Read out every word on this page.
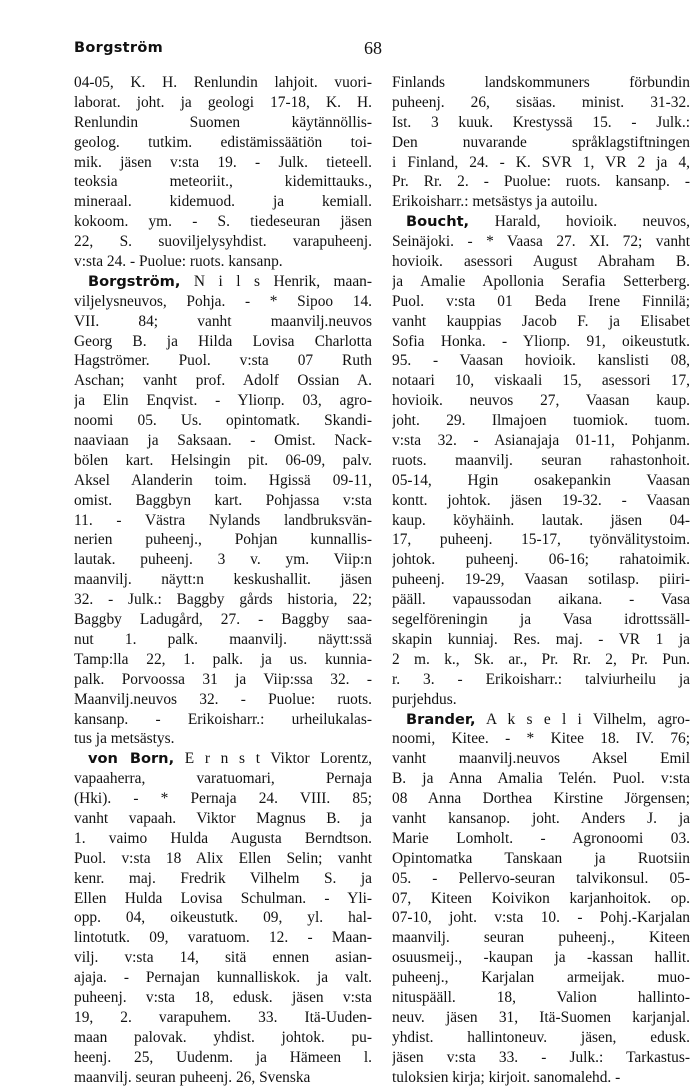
Borgström	68
04-05, K. H. Renlundin lahjoit. vuori-
laborat. joht. ja geologi 17-18, K. H.
Renlundin Suomen käytännöllis-
geolog. tutkim. edistämissäätiön toi-
mik. jäsen v:sta 19. - Julk. tieteell.
teoksia meteoriit., kidemittauks.,
mineraal. kidemuod. ja kemiall.
kokoom. ym. - S. tiedeseuran jäsen
22, S. suoviljelysyhdist. varapuheenj.
v:sta 24. - Puolue: ruots. kansanp.
Borgström, N i l s Henrik, maan-
viljelysneuvos, Pohja. - * Sipoo 14.
VII. 84; vanht maanvilj.neuvos
Georg B. ja Hilda Lovisa Charlotta
Hagströmer. Puol. v:sta 07 Ruth
Aschan; vanht prof. Adolf Ossian A.
ja Elin Enqvist. - Ylioпp. 03, agro-
noomi 05. Us. opintomatk. Skandi-
naaviaan ja Saksaan. - Omist. Nack-
bölen kart. Helsingin pit. 06-09, palv.
Aksel Alanderin toim. Hgissä 09-11,
omist. Baggbyn kart. Pohjassa v:sta
11. - Västra Nylands landbruksvän-
nerien puheenj., Pohjan kunnallis-
lautak. puheenj. 3 v. ym. Viip:n
maanvilj. näytt:n keskushallit. jäsen
32. - Julk.: Baggby gårds historia, 22;
Baggby Ladugård, 27. - Baggby saa-
nut 1. palk. maanvilj. näytt:ssä
Tamp:lla 22, 1. palk. ja us. kunnia-
palk. Porvoossa 31 ja Viip:ssa 32. -
Maanvilj.neuvos 32. - Puolue: ruots.
kansanp. - Erikoisharr.: urheilukalas-
tus ja metsästys.
von Born, E r n s t Viktor Lorentz,
vapaaherra, varatuomari, Pernaja
(Hki). - * Pernaja 24. VIII. 85;
vanht vapaah. Viktor Magnus B. ja
1. vaimo Hulda Augusta Berndtson.
Puol. v:sta 18 Alix Ellen Selin; vanht
kenr. maj. Fredrik Vilhelm S. ja
Ellen Hulda Lovisa Schulman. - Yli-
opp. 04, oikeustutk. 09, yl. hal-
lintotutk. 09, varatuom. 12. - Maan-
vilj. v:sta 14, sitä ennen asian-
ajaja. - Pernajan kunnalliskok. ja valt.
puheenj. v:sta 18, edusk. jäsen v:sta
19, 2. varapuhem. 33. Itä-Uuden-
maan palovak. yhdist. johtok. pu-
heenj. 25, Uudenm. ja Hämeen l.
maanvilj. seuran puheenj. 26, Svenska
Finlands landskommuners förbundin
puheenj. 26, sisäas. minist. 31-32.
Ist. 3 kuuk. Krestyssä 15. - Julk.:
Den nuvarande språklagstiftningen
i Finland, 24. - K. SVR 1, VR 2 ja 4,
Pr. Rr. 2. - Puolue: ruots. kansanp. -
Erikoisharr.: metsästys ja autoilu.
Boucht, Harald, hovioik. neuvos,
Seinäjoki. - * Vaasa 27. XI. 72; vanht
hovioik. asessori August Abraham B.
ja Amalie Apollonia Serafia Setterberg.
Puol. v:sta 01 Beda Irene Finnilä;
vanht kauppias Jacob F. ja Elisabet
Sofia Honka. - Ylioпp. 91, oikeustutk.
95. - Vaasan hovioik. kanslisti 08,
notaari 10, viskaali 15, asessori 17,
hovioik. neuvos 27, Vaasan kaup.
joht. 29. Ilmajoen tuomiok. tuom.
v:sta 32. - Asianajaja 01-11, Pohjanm.
ruots. maanvilj. seuran rahastonhoit.
05-14, Hgin osakepankin Vaasan
kontt. johtok. jäsen 19-32. - Vaasan
kaup. köyhäinh. lautak. jäsen 04-
17, puheenj. 15-17, työnvälitystoim.
johtok. puheenj. 06-16; rahatoimik.
puheenj. 19-29, Vaasan sotilasp. piiri-
pääll. vapaussodan aikana. - Vasa
segelföreningin ja Vasa idrottssäll-
skapin kunniaj. Res. maj. - VR 1 ja
2 m. k., Sk. ar., Pr. Rr. 2, Pr. Pun.
r. 3. - Erikoisharr.: talviurheilu ja
purjehdus.
Brander, A k s e l i Vilhelm, agro-
noomi, Kitee. - * Kitee 18. IV. 76;
vanht maanvilj.neuvos Aksel Emil
B. ja Anna Amalia Telén. Puol. v:sta
08 Anna Dorthea Kirstine Jörgensen;
vanht kansanop. joht. Anders J. ja
Marie Lomholt. - Agronoomi 03.
Opintomatka Tanskaan ja Ruotsiin
05. - Pellervo-seuran talvikonsul. 05-
07, Kiteen Koivikon karjanhoitok. op.
07-10, joht. v:sta 10. - Pohj.-Karjalan
maanvilj. seuran puheenj., Kiteen
osuusmeij., -kaupan ja -kassan hallit.
puheenj., Karjalan armeijak. muo-
nitusрääll. 18, Valion hallinto-
neuv. jäsen 31, Itä-Suomen karjanjal.
yhdist. hallintoneuv. jäsen, edusk.
jäsen v:sta 33. - Julk.: Tarkastus-
tuloksien kirja; kirjoit. sanomalehd. -
